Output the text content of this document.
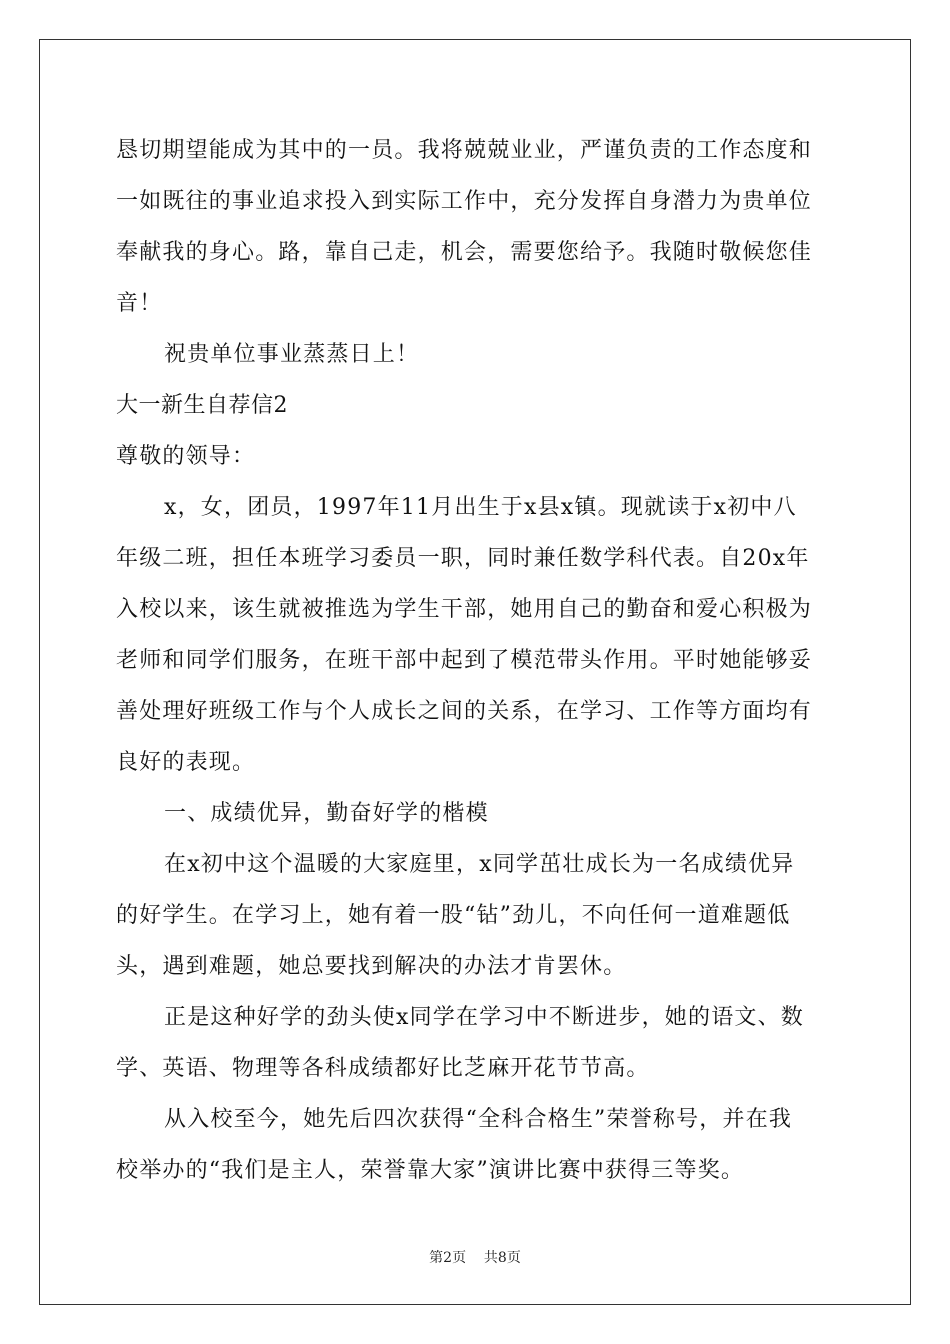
恳切期望能成为其中的一员。我将兢兢业业，严谨负责的工作态度和
一如既往的事业追求投入到实际工作中，充分发挥自身潜力为贵单位
奉献我的身心。路，靠自己走，机会，需要您给予。我随时敬候您佳
音！
祝贵单位事业蒸蒸日上！
大一新生自荐信2
尊敬的领导：
x，女，团员，1997年11月出生于x县x镇。现就读于x初中八
年级二班，担任本班学习委员一职，同时兼任数学科代表。自20x年
入校以来，该生就被推选为学生干部，她用自己的勤奋和爱心积极为
老师和同学们服务，在班干部中起到了模范带头作用。平时她能够妥
善处理好班级工作与个人成长之间的关系，在学习、工作等方面均有
良好的表现。
一、成绩优异，勤奋好学的楷模
在x初中这个温暖的大家庭里，x同学茁壮成长为一名成绩优异
的好学生。在学习上，她有着一股“钻”劲儿，不向任何一道难题低
头，遇到难题，她总要找到解决的办法才肯罢休。
正是这种好学的劲头使x同学在学习中不断进步，她的语文、数
学、英语、物理等各科成绩都好比芝麻开花节节高。
从入校至今，她先后四次获得“全科合格生”荣誉称号，并在我
校举办的“我们是主人，荣誉靠大家”演讲比赛中获得三等奖。
第2页 共8页
